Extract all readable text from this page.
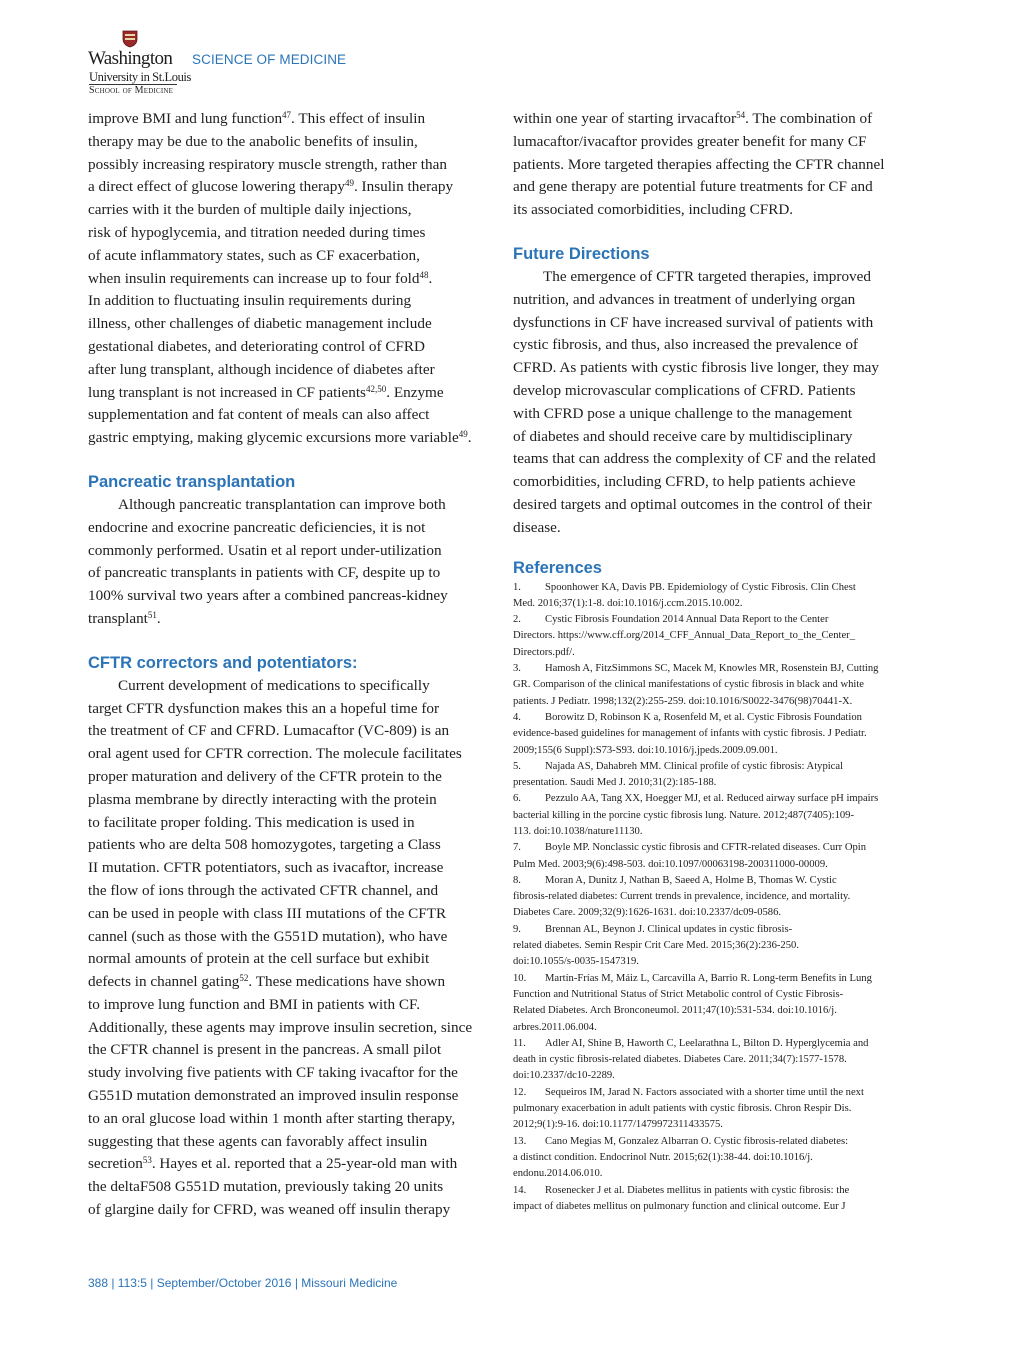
Washington
University in St.Louis
School of Medicine
SCIENCE OF MEDICINE
improve BMI and lung function$^{47}$. This effect of insulin
therapy may be due to the anabolic benefits of insulin,
possibly increasing respiratory muscle strength, rather than
a direct effect of glucose lowering therapy$^{49}$. Insulin therapy
carries with it the burden of multiple daily injections,
risk of hypoglycemia, and titration needed during times
of acute inflammatory states, such as CF exacerbation,
when insulin requirements can increase up to four fold$^{48}$.
In addition to fluctuating insulin requirements during
illness, other challenges of diabetic management include
gestational diabetes, and deteriorating control of CFRD
after lung transplant, although incidence of diabetes after
lung transplant is not increased in CF patients$^{42,50}$. Enzyme
supplementation and fat content of meals can also affect
gastric emptying, making glycemic excursions more variable$^{49}$.
Pancreatic transplantation
Although pancreatic transplantation can improve both
endocrine and exocrine pancreatic deficiencies, it is not
commonly performed. Usatin et al report under-utilization
of pancreatic transplants in patients with CF, despite up to
100% survival two years after a combined pancreas-kidney
transplant$^{51}$.
CFTR correctors and potentiators:
Current development of medications to specifically
target CFTR dysfunction makes this an a hopeful time for
the treatment of CF and CFRD. Lumacaftor (VC-809) is an
oral agent used for CFTR correction. The molecule facilitates
proper maturation and delivery of the CFTR protein to the
plasma membrane by directly interacting with the protein
to facilitate proper folding. This medication is used in
patients who are delta 508 homozygotes, targeting a Class
II mutation. CFTR potentiators, such as ivacaftor, increase
the flow of ions through the activated CFTR channel, and
can be used in people with class III mutations of the CFTR
cannel (such as those with the G551D mutation), who have
normal amounts of protein at the cell surface but exhibit
defects in channel gating$^{52}$. These medications have shown
to improve lung function and BMI in patients with CF.
Additionally, these agents may improve insulin secretion, since
the CFTR channel is present in the pancreas. A small pilot
study involving five patients with CF taking ivacaftor for the
G551D mutation demonstrated an improved insulin response
to an oral glucose load within 1 month after starting therapy,
suggesting that these agents can favorably affect insulin
secretion$^{53}$. Hayes et al. reported that a 25-year-old man with
the deltaF508 G551D mutation, previously taking 20 units
of glargine daily for CFRD, was weaned off insulin therapy
within one year of starting irvacaftor$^{54}$. The combination of
lumacaftor/ivacaftor provides greater benefit for many CF
patients. More targeted therapies affecting the CFTR channel
and gene therapy are potential future treatments for CF and
its associated comorbidities, including CFRD.
Future Directions
The emergence of CFTR targeted therapies, improved
nutrition, and advances in treatment of underlying organ
dysfunctions in CF have increased survival of patients with
cystic fibrosis, and thus, also increased the prevalence of
CFRD. As patients with cystic fibrosis live longer, they may
develop microvascular complications of CFRD. Patients
with CFRD pose a unique challenge to the management
of diabetes and should receive care by multidisciplinary
teams that can address the complexity of CF and the related
comorbidities, including CFRD, to help patients achieve
desired targets and optimal outcomes in the control of their
disease.
References
1. Spoonhower KA, Davis PB. Epidemiology of Cystic Fibrosis. Clin Chest
Med. 2016;37(1):1-8. doi:10.1016/j.ccm.2015.10.002.
2. Cystic Fibrosis Foundation 2014 Annual Data Report to the Center
Directors. https://www.cff.org/2014_CFF_Annual_Data_Report_to_the_Center_
Directors.pdf/.
3. Hamosh A, FitzSimmons SC, Macek M, Knowles MR, Rosenstein BJ, Cutting
GR. Comparison of the clinical manifestations of cystic fibrosis in black and white
patients. J Pediatr. 1998;132(2):255-259. doi:10.1016/S0022-3476(98)70441-X.
4. Borowitz D, Robinson K a, Rosenfeld M, et al. Cystic Fibrosis Foundation
evidence-based guidelines for management of infants with cystic fibrosis. J Pediatr.
2009;155(6 Suppl):S73-S93. doi:10.1016/j.jpeds.2009.09.001.
5. Najada AS, Dahabreh MM. Clinical profile of cystic fibrosis: Atypical
presentation. Saudi Med J. 2010;31(2):185-188.
6. Pezzulo AA, Tang XX, Hoegger MJ, et al. Reduced airway surface pH impairs
bacterial killing in the porcine cystic fibrosis lung. Nature. 2012;487(7405):109-
113. doi:10.1038/nature11130.
7. Boyle MP. Nonclassic cystic fibrosis and CFTR-related diseases. Curr Opin
Pulm Med. 2003;9(6):498-503. doi:10.1097/00063198-200311000-00009.
8. Moran A, Dunitz J, Nathan B, Saeed A, Holme B, Thomas W. Cystic
fibrosis-related diabetes: Current trends in prevalence, incidence, and mortality.
Diabetes Care. 2009;32(9):1626-1631. doi:10.2337/dc09-0586.
9. Brennan AL, Beynon J. Clinical updates in cystic fibrosis-
related diabetes. Semin Respir Crit Care Med. 2015;36(2):236-250.
doi:10.1055/s-0035-1547319.
10. Martín-Frías M, Máiz L, Carcavilla A, Barrio R. Long-term Benefits in Lung
Function and Nutritional Status of Strict Metabolic control of Cystic Fibrosis-
Related Diabetes. Arch Bronconeumol. 2011;47(10):531-534. doi:10.1016/j.
arbres.2011.06.004.
11. Adler AI, Shine B, Haworth C, Leelarathna L, Bilton D. Hyperglycemia and
death in cystic fibrosis-related diabetes. Diabetes Care. 2011;34(7):1577-1578.
doi:10.2337/dc10-2289.
12. Sequeiros IM, Jarad N. Factors associated with a shorter time until the next
pulmonary exacerbation in adult patients with cystic fibrosis. Chron Respir Dis.
2012;9(1):9-16. doi:10.1177/1479972311433575.
13. Cano Megias M, Gonzalez Albarran O. Cystic fibrosis-related diabetes:
a distinct condition. Endocrinol Nutr. 2015;62(1):38-44. doi:10.1016/j.
endonu.2014.06.010.
14. Rosenecker J et al. Diabetes mellitus in patients with cystic fibrosis: the
impact of diabetes mellitus on pulmonary function and clinical outcome. Eur J
388 | 113:5 | September/October 2016 | Missouri Medicine
